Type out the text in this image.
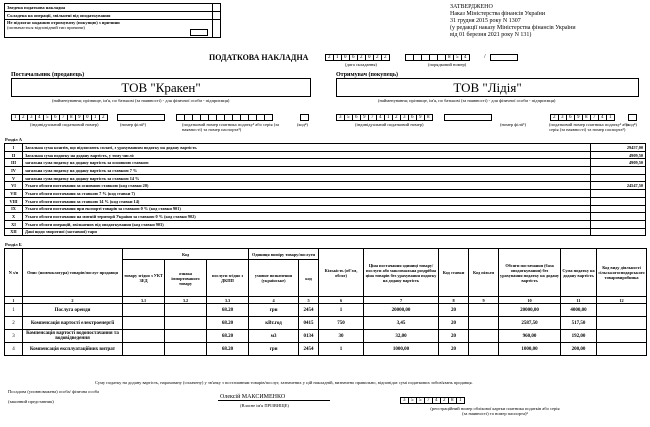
Зведена податкова накладна	
Складена на операції, звільнені від оподаткування	
Не підлягає наданню отримувачу (покупцю) з причини
(позначається відповідний тип причини)	
ЗАТВЕРДЖЕНО
Наказ Міністерства фінансів України
31 грудня 2015 року N 1307
(у редакції наказу Міністерства фінансів України
від 01 березня 2021 року N 131)
ПОДАТКОВА НАКЛАДНА	2	1	0	6	2	0	2	2
(дата складання)
8	5	4	/
(порядковий номер)
Постачальник (продавець)
ТОВ "Кракен"
(найменування; прізвище, ім'я, по батькові (за наявності) - для фізичної особи - підприємця)
1	2	3	4	5	6	7	8	9	0	1	2
(індивідуальний податковий номер)	(номер філії¹)	(податковий номер платника податку² або серія (за наявності) та номер паспорта³)
(код⁴)
Отримувач (покупець)
ТОВ "Лідія"
(найменування; прізвище, ім'я, по батькові (за наявності) - для фізичної особи - підприємця)
3	5	6	9	7	4	1	2	3	6	9	8	2	3	6	9	8	7	4	1
(індивідуальний податковий номер)	(номер філії¹)	(податковий номер платника податку² або серія (за наявності) та номер паспорта³)
(код⁴)
Розділ А
I	Загальна сума коштів, що підлягають сплаті, з урахуванням податку на додану вартість	29457,00
II	Загальна сума податку на додану вартість, у тому числі:	4909,50
III	загальна сума податку на додану вартість за основною ставкою	4909,50
IV	загальна сума податку на додану вартість за ставкою 7 %	
V	загальна сума податку на додану вартість за ставкою 14 %	
VI	Усього обсяги постачання за основною ставкою (код ставки 20)	24547,50
VII	Усього обсяги постачання за ставкою 7 % (код ставки 7)	
VIII	Усього обсяги постачання за ставкою 14 % (код ставки 14)	
IX	Усього обсяги постачання при експорті товарів за ставкою 0 % (код ставки 901)	
X	Усього обсяги постачання на митній території України за ставкою 0 % (код ставки 902)	
XI	Усього обсяги операцій, звільнених від оподаткування (код ставки 903)	
XII	Дані щодо зворотної (заставної) тари	
Розділ Б
N з/п	Опис (номенклатура) товарів/послуг продавця	Код			Одиниця виміру товару/послуги		Кількість (об'єм, обсяг)	Ціна постачання одиниці товару/послуги або максимальна роздрібна ціна товарів без урахування податку на додану вартість	Код ставки	Код пільги	Обсяги постачання (база оподаткування) без урахування податку на додану вартість	Сума податку на додану вартість	Код виду діяльності сільськогосподарського товаровиробника
		товару згідно з УКТ ЗЕД	ознака імпортованого товару	послуги згідно з ДКПП	умовне позначення (українське)	код							
1	2	3.1	3.2	3.3	4	5	6	7	8	9	10	11	12
1	Послуга оренди			68.20	грн	2454	1	20000,00	20		20000,00	4000,00	
2	Компенсація вартості електроенергії			68.20	кВт.год	0415	750	3,45	20		2587,50	517,50	
3	Компенсація вартості водопостачання та водовідведення			68.20	м3	0134	30	32,00	20		960,00	192,00	
4	Компенсація експлуатаційних витрат			68.20	грн	2454	1	1000,00	20		1000,00	200,00	
Суму податку на додану вартість, нараховану (сплачену) у зв'язку з постачанням товарів/послуг, зазначених у цій накладній, визначено правильно, відповідає сумі податкових зобов'язань продавця.
Посадова (уповноважена) особа/ фізична особа
(законний представник)
Олексій МАКСИМЕНКО
(Власне ім'я ПРІЗВИЩЕ)
3	5	5	7	4	2	8	1
(реєстраційний номер облікової картки платника податків або серія (за наявності) та номер паспорта)³
